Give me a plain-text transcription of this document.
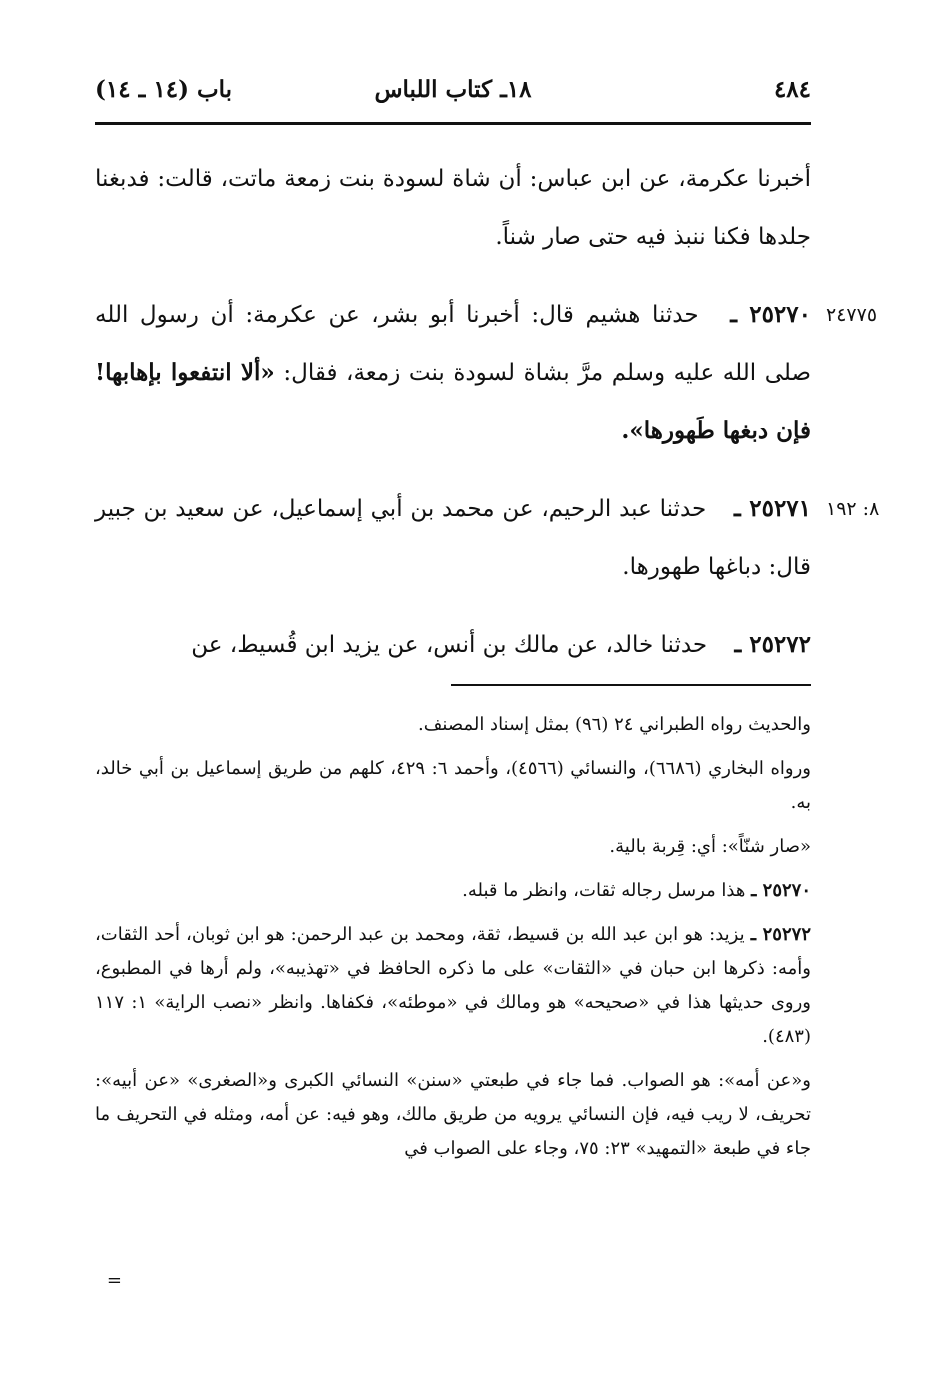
٤٨٤
١٨ـ كتاب اللباس
باب (١٤ ـ ١٤)

أخبرنا عكرمة، عن ابن عباس: أن شاة لسودة بنت زمعة ماتت، قالت: فدبغنا جلدها فكنا ننبذ فيه حتى صار شناً.

٢٤٧٧٥
٢٥٢٧٠ ـ حدثنا هشيم قال: أخبرنا أبو بشر، عن عكرمة: أن رسول الله صلى الله عليه وسلم مرَّ بشاة لسودة بنت زمعة، فقال: «ألا انتفعوا بإهابها! فإن دبغها طَهورها».

٨: ١٩٢
٢٥٢٧١ ـ حدثنا عبد الرحيم، عن محمد بن أبي إسماعيل، عن سعيد بن جبير قال: دباغها طهورها.

٢٥٢٧٢ ـ حدثنا خالد، عن مالك بن أنس، عن يزيد ابن قُسيط، عن

والحديث رواه الطبراني ٢٤ (٩٦) بمثل إسناد المصنف.

ورواه البخاري (٦٦٨٦)، والنسائي (٤٥٦٦)، وأحمد ٦: ٤٢٩، كلهم من طريق إسماعيل بن أبي خالد، به.

«صار شنّاً»: أي: قِربة بالية.

٢٥٢٧٠ ـ هذا مرسل رجاله ثقات، وانظر ما قبله.

٢٥٢٧٢ ـ يزيد: هو ابن عبد الله بن قسيط، ثقة، ومحمد بن عبد الرحمن: هو ابن ثوبان، أحد الثقات، وأمه: ذكرها ابن حبان في «الثقات» على ما ذكره الحافظ في «تهذيبه»، ولم أرها في المطبوع، وروى حديثها هذا في «صحيحه» هو ومالك في «موطئه»، فكفاها. وانظر «نصب الراية» ١: ١١٧ (٤٨٣).

و«عن أمه»: هو الصواب. فما جاء في طبعتي «سنن» النسائي الكبرى و«الصغرى» «عن أبيه»: تحريف، لا ريب فيه، فإن النسائي يرويه من طريق مالك، وهو فيه: عن أمه، ومثله في التحريف ما جاء في طبعة «التمهيد» ٢٣: ٧٥، وجاء على الصواب في

=
